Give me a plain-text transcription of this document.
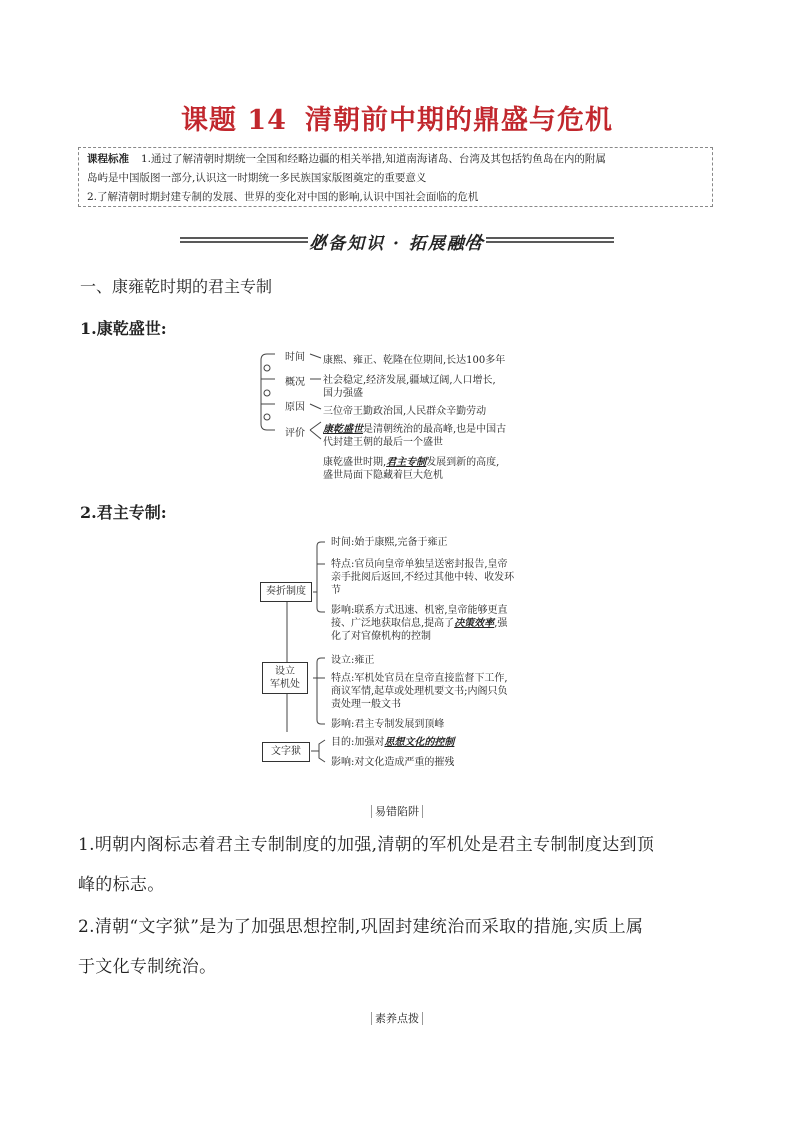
课题 14 清朝前中期的鼎盛与危机
课程标准 1.通过了解清朝时期统一全国和经略边疆的相关举措,知道南海诸岛、台湾及其包括钓鱼岛在内的附属
岛屿是中国版图一部分,认识这一时期统一多民族国家版图奠定的重要意义
2.了解清朝时期封建专制的发展、世界的变化对中国的影响,认识中国社会面临的危机
必备知识 · 拓展融合
一、康雍乾时期的君主专制
1.康乾盛世:
时间
概况
原因
评价
康熙、雍正、乾隆在位期间,长达100多年
社会稳定,经济发展,疆域辽阔,人口增长,
国力强盛
三位帝王勤政治国,人民群众辛勤劳动
康乾盛世是清朝统治的最高峰,也是中国古
代封建王朝的最后一个盛世
康乾盛世时期,君主专制发展到新的高度,
盛世局面下隐藏着巨大危机
2.君主专制:
奏折制度
设立
军机处
文字狱
时间:始于康熙,完备于雍正
特点:官员向皇帝单独呈送密封报告,皇帝
亲手批阅后返回,不经过其他中转、收发环
节
影响:联系方式迅速、机密,皇帝能够更直
接、广泛地获取信息,提高了决策效率,强
化了对官僚机构的控制
设立:雍正
特点:军机处官员在皇帝直接监督下工作,
商议军情,起草或处理机要文书;内阁只负
责处理一般文书
影响:君主专制发展到顶峰
目的:加强对思想文化的控制
影响:对文化造成严重的摧残
易错陷阱
1.明朝内阁标志着君主专制制度的加强,清朝的军机处是君主专制制度达到顶
峰的标志。
2.清朝“文字狱”是为了加强思想控制,巩固封建统治而采取的措施,实质上属
于文化专制统治。
素养点拨
